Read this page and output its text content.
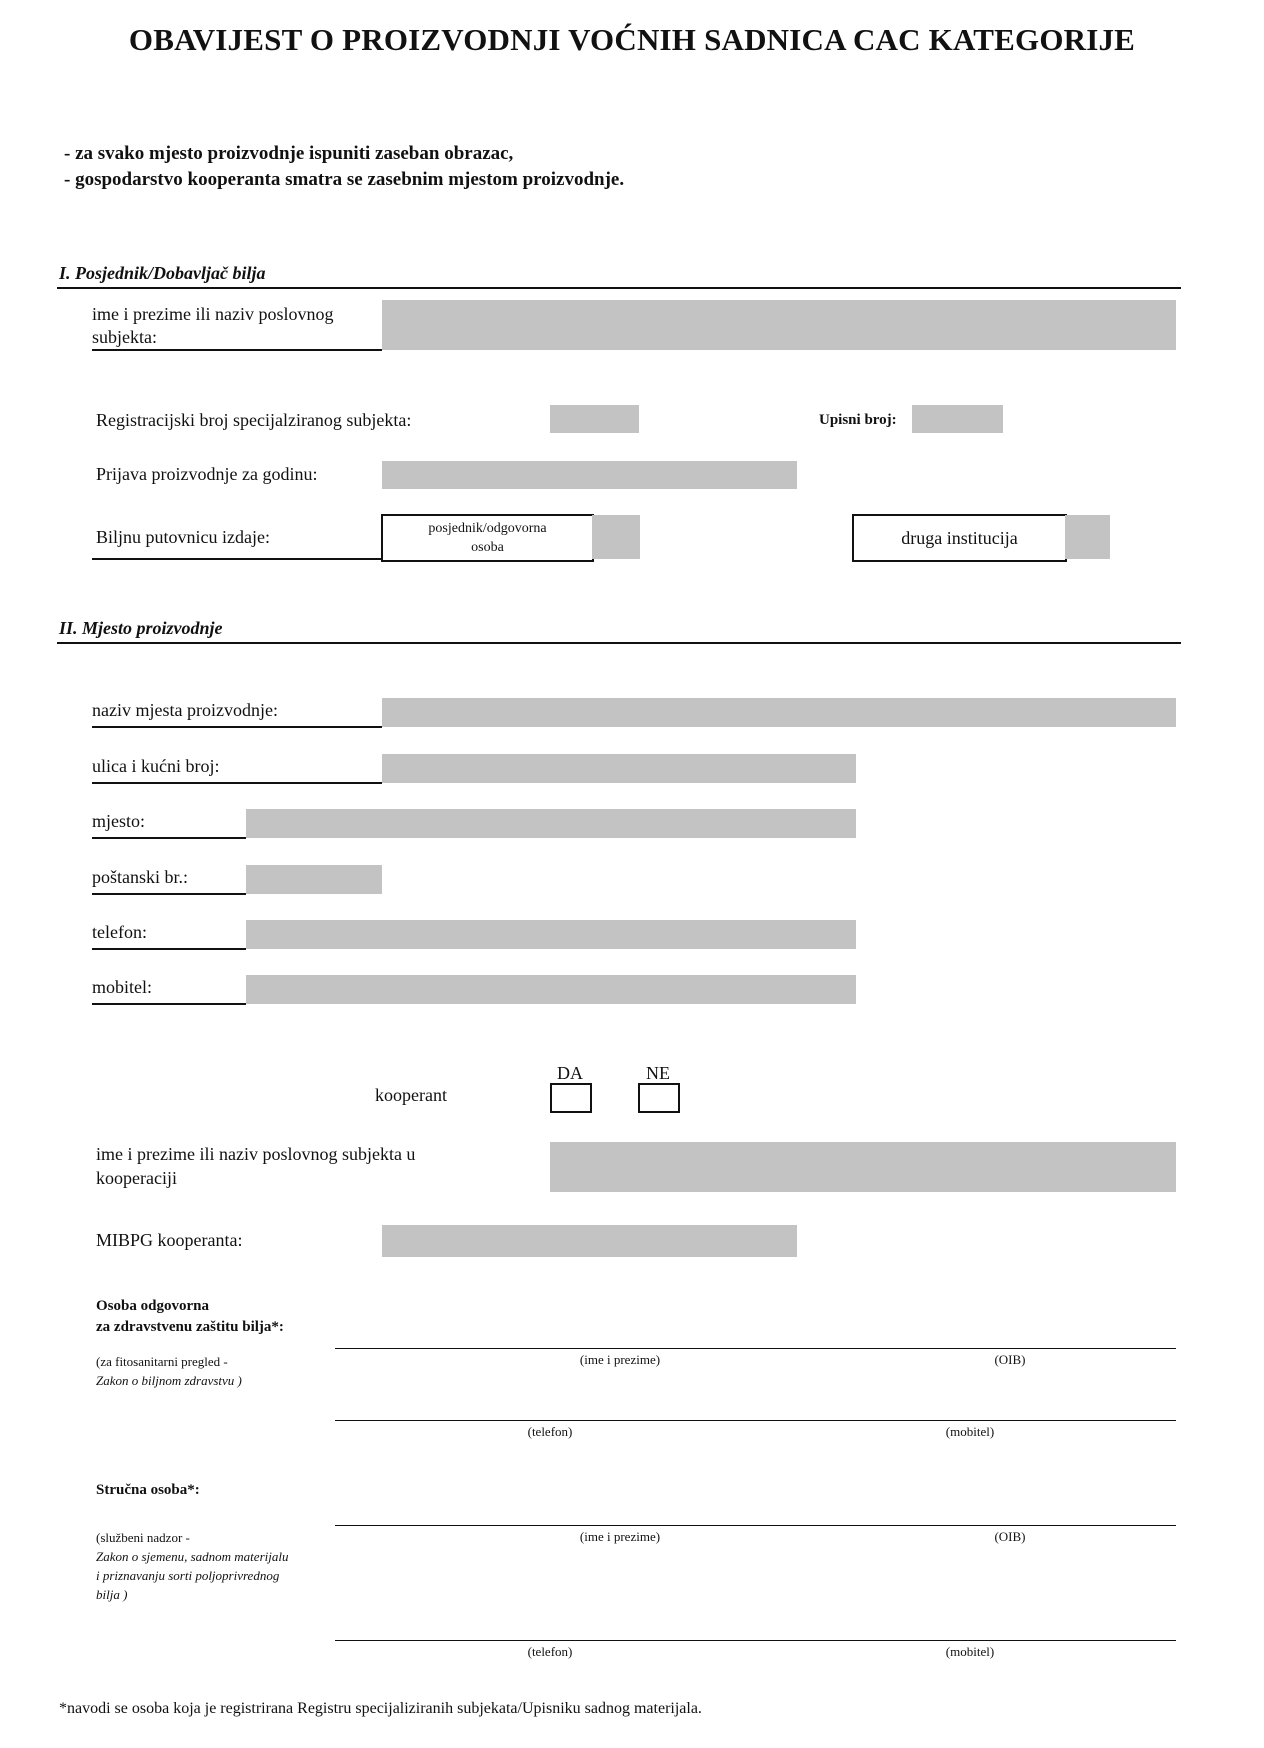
OBAVIJEST O PROIZVODNJI VOĆNIH SADNICA CAC KATEGORIJE
- za svako mjesto proizvodnje ispuniti zaseban obrazac,
- gospodarstvo kooperanta smatra se zasebnim mjestom proizvodnje.
I. Posjednik/Dobavljač bilja
ime i prezime ili naziv poslovnog
subjekta:
Registracijski broj specijalziranog subjekta:	Upisni broj:
Prijava proizvodnje za godinu:
Biljnu putovnicu izdaje:	posjednik/odgovorna
osoba	druga institucija
II. Mjesto proizvodnje
naziv mjesta proizvodnje:
ulica i kućni broj:
mjesto:
poštanski br.:
telefon:
mobitel:
kooperant
DA	NE
ime i prezime ili naziv poslovnog subjekta u
kooperaciji
MIBPG kooperanta:
Osoba odgovorna
za zdravstvenu zaštitu bilja*:
(za fitosanitarni pregled -
Zakon o biljnom zdravstvu )
(ime i prezime)	(OIB)
(telefon)	(mobitel)
Stručna osoba*:
(službeni nadzor -
Zakon o sjemenu, sadnom materijalu
i priznavanju sorti poljoprivrednog
bilja )
(ime i prezime)	(OIB)
(telefon)	(mobitel)
*navodi se osoba koja je registrirana Registru specijaliziranih subjekata/Upisniku sadnog materijala.
